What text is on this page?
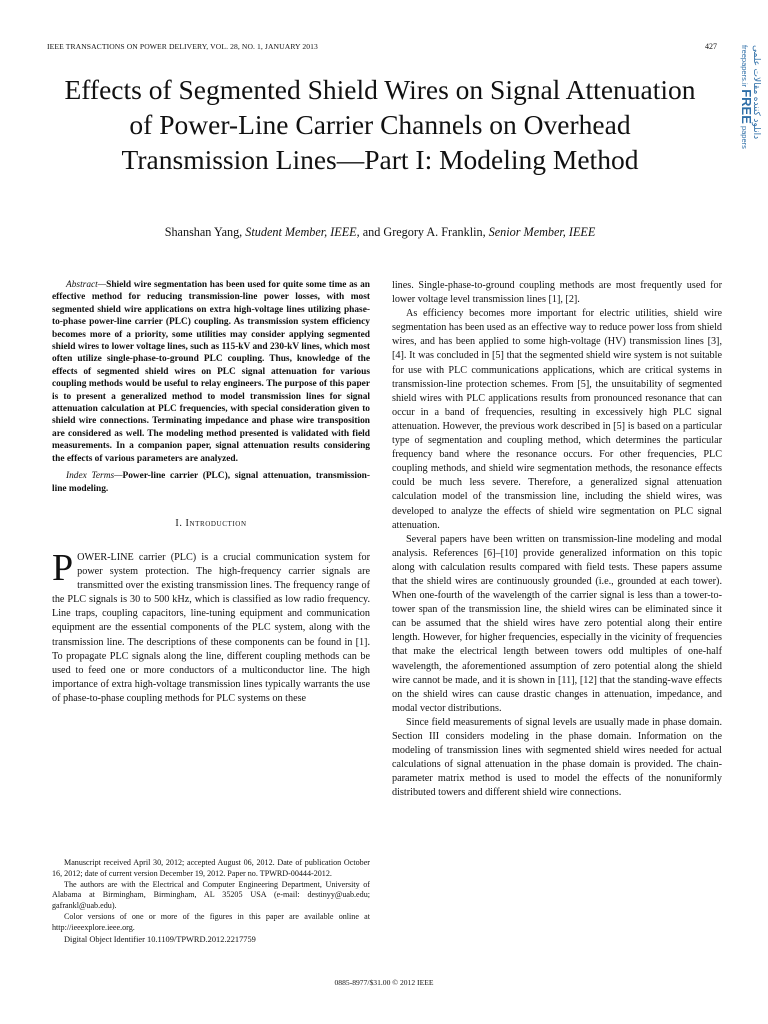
IEEE TRANSACTIONS ON POWER DELIVERY, VOL. 28, NO. 1, JANUARY 2013	427	دانلود کننده مقالات علمی
freepapers.ir FREE papers
Effects of Segmented Shield Wires on Signal Attenuation of Power-Line Carrier Channels on Overhead Transmission Lines—Part I: Modeling Method
Shanshan Yang, Student Member, IEEE, and Gregory A. Franklin, Senior Member, IEEE

Abstract—Shield wire segmentation has been used for quite some time as an effective method for reducing transmission-line power losses, with most segmented shield wire applications on extra high-voltage lines utilizing phase-to-phase power-line carrier (PLC) coupling. As transmission system efficiency becomes more of a priority, some utilities may consider applying segmented shield wires to lower voltage lines, such as 115-kV and 230-kV lines, which most often utilize single-phase-to-ground PLC coupling. Thus, knowledge of the effects of segmented shield wires on PLC signal attenuation for various coupling methods would be useful to relay engineers. The purpose of this paper is to present a generalized method to model transmission lines for signal attenuation calculation at PLC frequencies, with special consideration given to shield wire connections. Terminating impedance and phase wire transposition are considered as well. The modeling method presented is validated with field measurements. In a companion paper, signal attenuation results considering the effects of various parameters are analyzed.

Index Terms—Power-line carrier (PLC), signal attenuation, transmission-line modeling.

I. Introduction

POWER-LINE carrier (PLC) is a crucial communication system for power system protection. The high-frequency carrier signals are transmitted over the existing transmission lines. The frequency range of the PLC signals is 30 to 500 kHz, which is classified as low radio frequency. Line traps, coupling capacitors, line-tuning equipment and communication equipment are the essential components of the PLC system, along with the transmission line. The descriptions of these components can be found in [1]. To propagate PLC signals along the line, different coupling methods can be used to feed one or more conductors of a multiconductor line. The high importance of extra high-voltage transmission lines typically warrants the use of phase-to-phase coupling methods for PLC systems on these

Manuscript received April 30, 2012; accepted August 06, 2012. Date of publication October 16, 2012; date of current version December 19, 2012. Paper no. TPWRD-00444-2012.

The authors are with the Electrical and Computer Engineering Department, University of Alabama at Birmingham, Birmingham, AL 35205 USA (e-mail: destinyy@uab.edu; gafrankl@uab.edu).

Color versions of one or more of the figures in this paper are available online at http://ieeexplore.ieee.org.

Digital Object Identifier 10.1109/TPWRD.2012.2217759

lines. Single-phase-to-ground coupling methods are most frequently used for lower voltage level transmission lines [1], [2].

As efficiency becomes more important for electric utilities, shield wire segmentation has been used as an effective way to reduce power loss from shield wires, and has been applied to some high-voltage (HV) transmission lines [3], [4]. It was concluded in [5] that the segmented shield wire system is not suitable for use with PLC communications applications, which are critical systems in transmission-line protection schemes. From [5], the unsuitability of segmented shield wires with PLC applications results from pronounced resonance that can occur in a band of frequencies, resulting in excessively high PLC signal attenuation. However, the previous work described in [5] is based on a particular type of segmentation and coupling method, which determines the particular frequency band where the resonance occurs. For other frequencies, PLC coupling methods, and shield wire segmentation methods, the resonance effects could be much less severe. Therefore, a generalized signal attenuation calculation model of the transmission line, including the shield wires, was developed to analyze the effects of shield wire segmentation on PLC signal attenuation.

Several papers have been written on transmission-line modeling and modal analysis. References [6]–[10] provide generalized information on this topic along with calculation results compared with field tests. These papers assume that the shield wires are continuously grounded (i.e., grounded at each tower). When one-fourth of the wavelength of the carrier signal is less than a tower-to-tower span of the transmission line, the shield wires can be eliminated since it can be assumed that the shield wires have zero potential along their entire length. However, for higher frequencies, especially in the vicinity of frequencies that make the electrical length between towers odd multiples of one-half wavelength, the aforementioned assumption of zero potential along the shield wire cannot be made, and it is shown in [11], [12] that the standing-wave effects on the shield wires can cause drastic changes in attenuation, impedance, and modal vector distributions.

Since field measurements of signal levels are usually made in phase domain. Section III considers modeling in the phase domain. Information on the modeling of transmission lines with segmented shield wires needed for actual calculations of signal attenuation in the phase domain is provided. The chain-parameter matrix method is used to model the effects of the nonuniformly distributed towers and different shield wire connections.

0885-8977/$31.00 © 2012 IEEE
